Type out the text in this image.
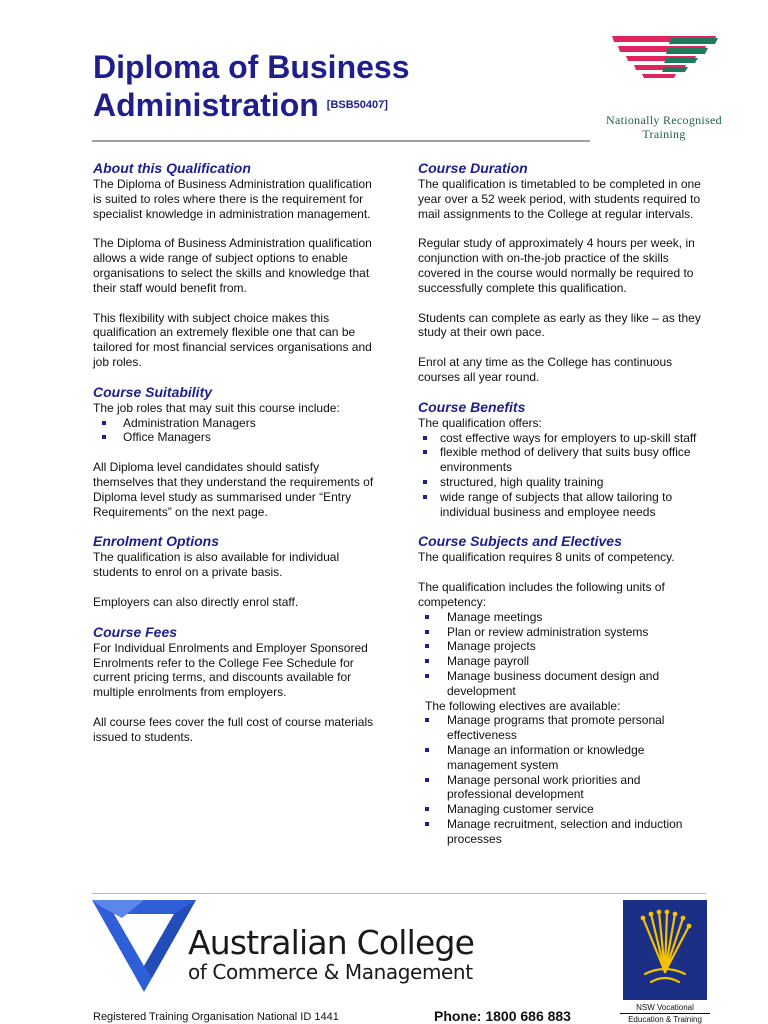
Diploma of Business
Administration [BSB50407]
Nationally Recognised
Training
About this Qualification

The Diploma of Business Administration qualification is suited to roles where there is the requirement for specialist knowledge in administration management.

The Diploma of Business Administration qualification allows a wide range of subject options to enable organisations to select the skills and knowledge that their staff would benefit from.

This flexibility with subject choice makes this qualification an extremely flexible one that can be tailored for most financial services organisations and job roles.

Course Suitability

The job roles that may suit this course include:

Administration Managers
Office Managers

All Diploma level candidates should satisfy themselves that they understand the requirements of Diploma level study as summarised under “Entry Requirements” on the next page.

Enrolment Options

The qualification is also available for individual students to enrol on a private basis.

Employers can also directly enrol staff.

Course Fees

For Individual Enrolments and Employer Sponsored Enrolments refer to the College Fee Schedule for current pricing terms, and discounts available for multiple enrolments from employers.

All course fees cover the full cost of course materials issued to students.

Course Duration

The qualification is timetabled to be completed in one year over a 52 week period, with students required to mail assignments to the College at regular intervals.

Regular study of approximately 4 hours per week, in conjunction with on-the-job practice of the skills covered in the course would normally be required to successfully complete this qualification.

Students can complete as early as they like – as they study at their own pace.

Enrol at any time as the College has continuous courses all year round.

Course Benefits

The qualification offers:

cost effective ways for employers to up-skill staff
flexible method of delivery that suits busy office environments
structured, high quality training
wide range of subjects that allow tailoring to individual business and employee needs
Course Subjects and Electives

The qualification requires 8 units of competency.

The qualification includes the following units of competency:

Manage meetings
Plan or review administration systems
Manage projects
Manage payroll
Manage business document design and development

The following electives are available:

Manage programs that promote personal effectiveness
Manage an information or knowledge management system
Manage personal work priorities and professional development
Managing customer service
Manage recruitment, selection and induction processes
Australian College
of Commerce & Management
NSW Vocational
Education & Training
Registered Training Organisation National ID 1441	Phone: 1800 686 883
